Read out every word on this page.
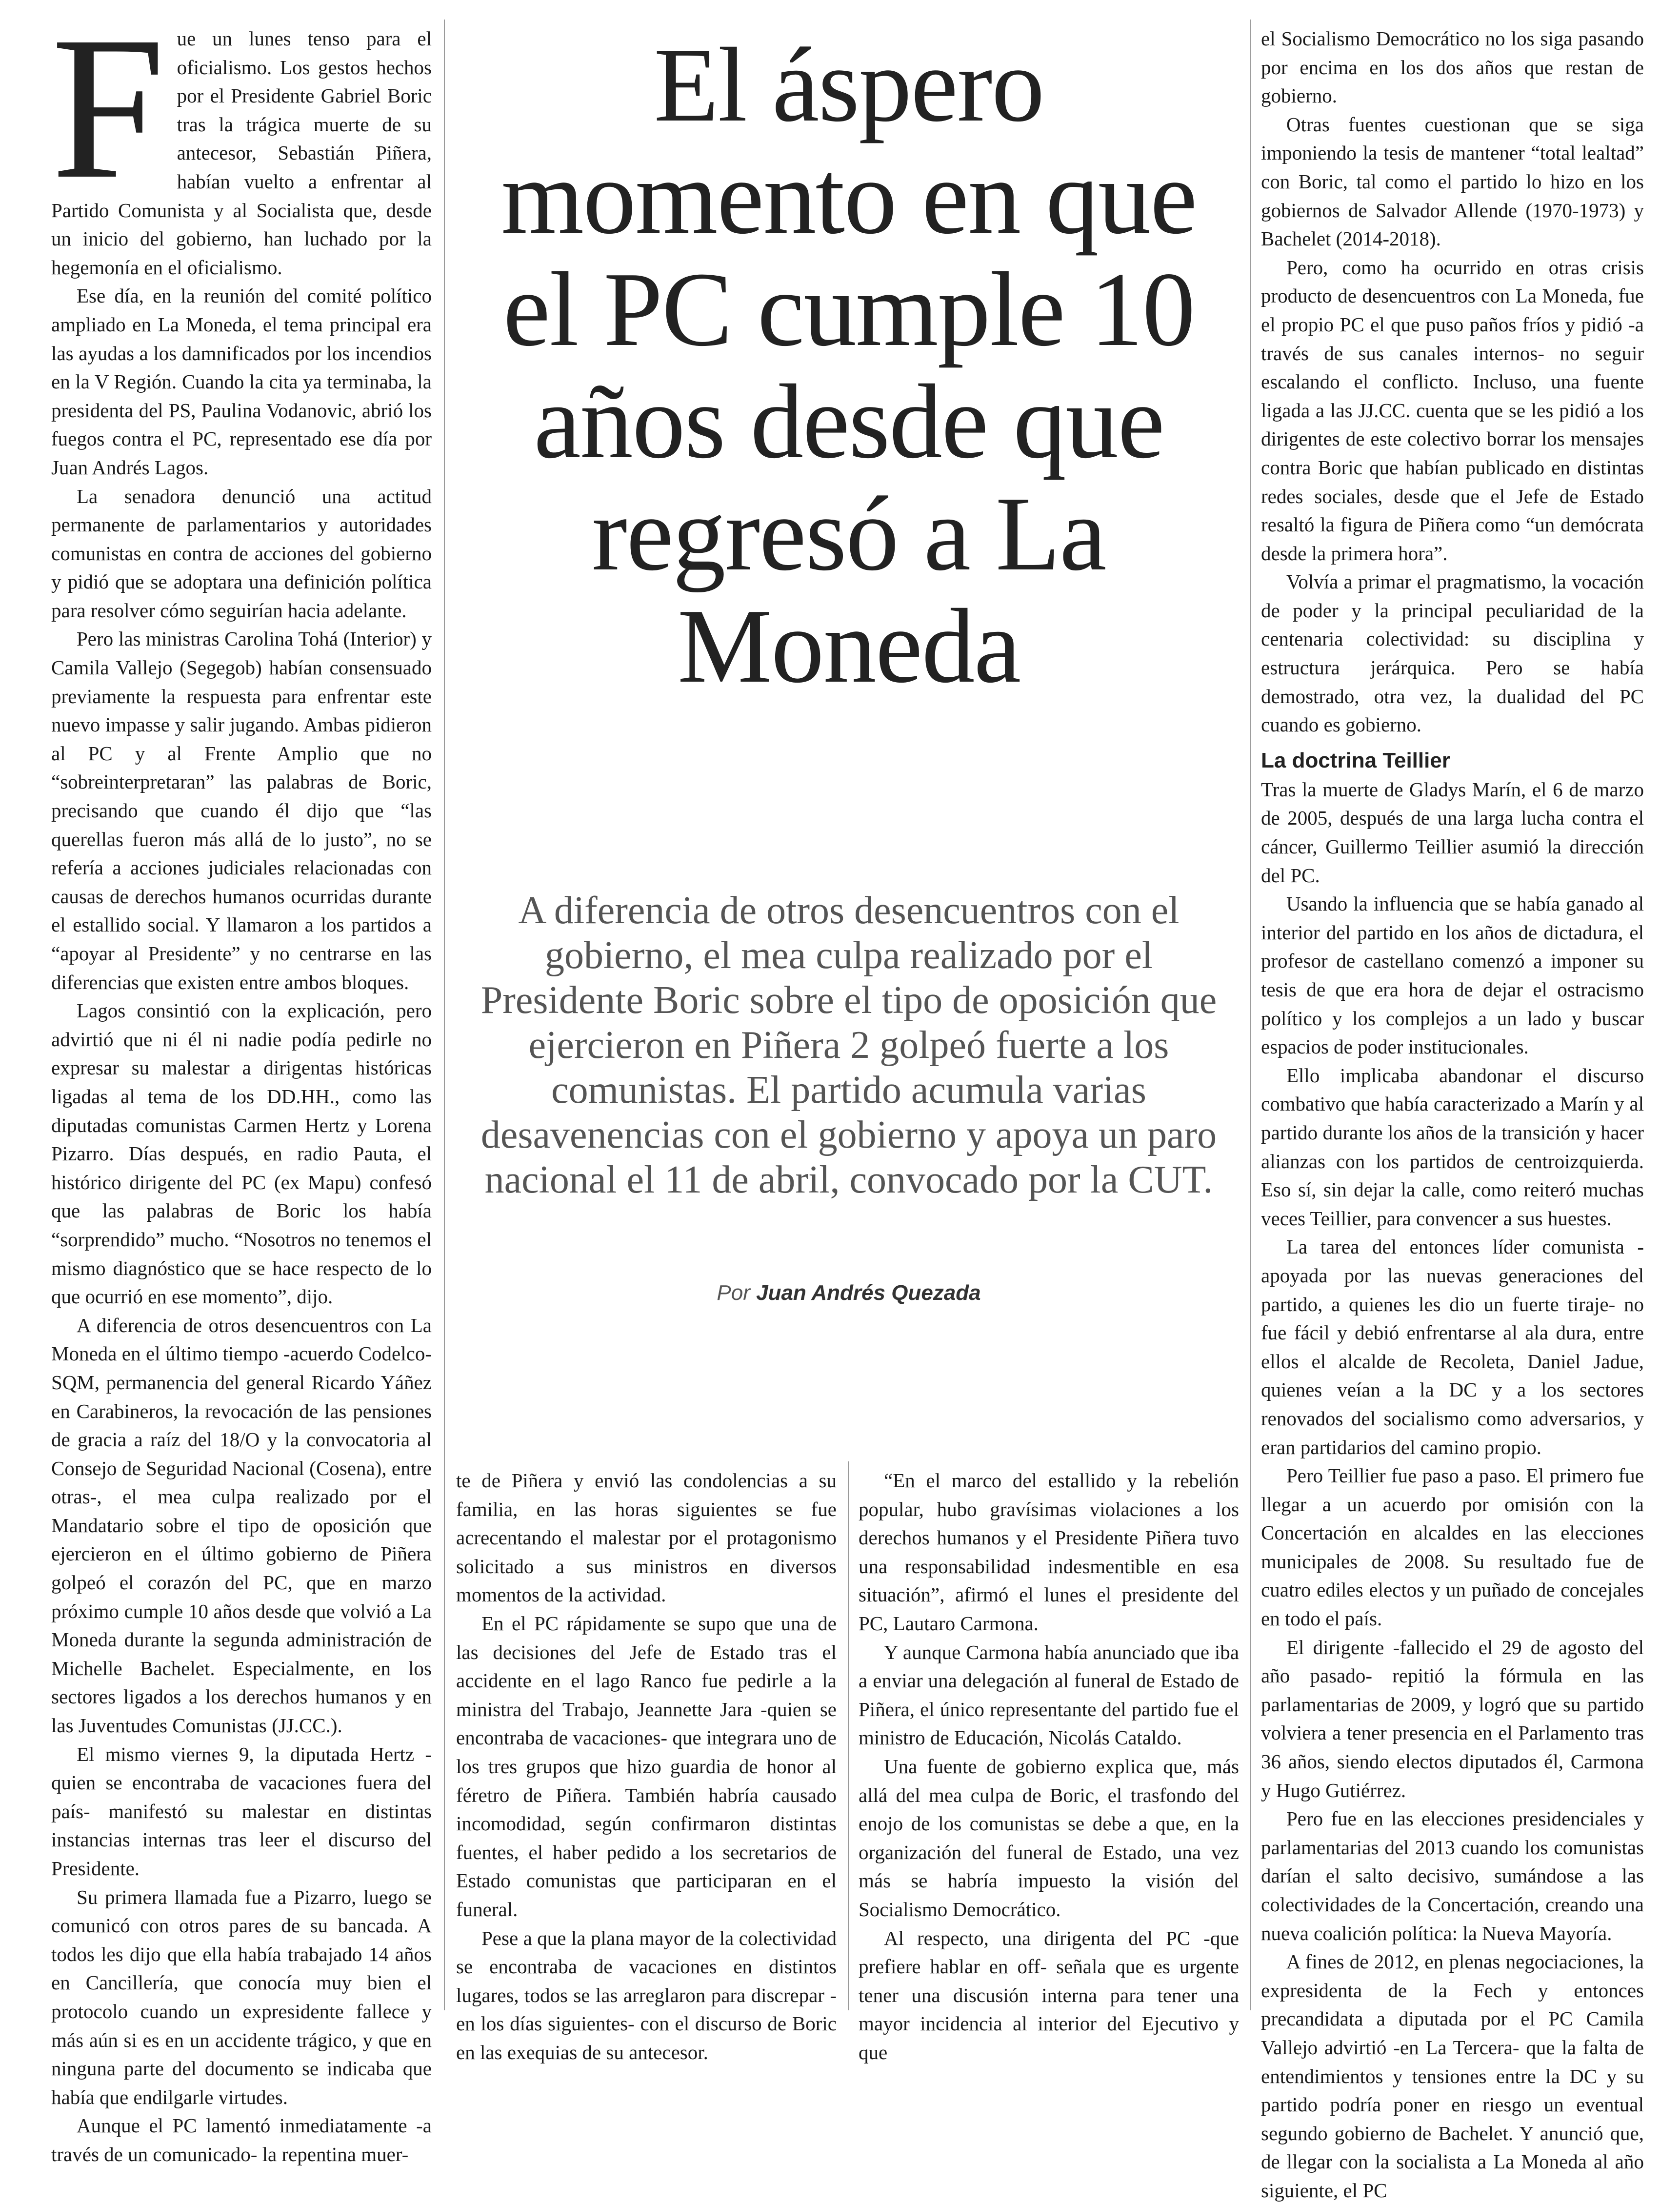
F ue un lunes tenso para el oficialismo. Los gestos hechos por el Presidente Gabriel Boric tras la trágica muerte de su antecesor, Sebastián Piñera, habían vuelto a enfrentar al Partido Comunista y al Socialista que, desde un inicio del gobierno, han luchado por la hegemonía en el oficialismo.

Ese día, en la reunión del comité político ampliado en La Moneda, el tema principal era las ayudas a los damnificados por los incendios en la V Región. Cuando la cita ya terminaba, la presidenta del PS, Paulina Vodanovic, abrió los fuegos contra el PC, representado ese día por Juan Andrés Lagos.

La senadora denunció una actitud permanente de parlamentarios y autoridades comunistas en contra de acciones del gobierno y pidió que se adoptara una definición política para resolver cómo seguirían hacia adelante.

Pero las ministras Carolina Tohá (Interior) y Camila Vallejo (Segegob) habían consensuado previamente la respuesta para enfrentar este nuevo impasse y salir jugando. Ambas pidieron al PC y al Frente Amplio que no “sobreinterpretaran” las palabras de Boric, precisando que cuando él dijo que “las querellas fueron más allá de lo justo”, no se refería a acciones judiciales relacionadas con causas de derechos humanos ocurridas durante el estallido social. Y llamaron a los partidos a “apoyar al Presidente” y no centrarse en las diferencias que existen entre ambos bloques.

Lagos consintió con la explicación, pero advirtió que ni él ni nadie podía pedirle no expresar su malestar a dirigentas históricas ligadas al tema de los DD.HH., como las diputadas comunistas Carmen Hertz y Lorena Pizarro. Días después, en radio Pauta, el histórico dirigente del PC (ex Mapu) confesó que las palabras de Boric los había “sorprendido” mucho. “Nosotros no tenemos el mismo diagnóstico que se hace respecto de lo que ocurrió en ese momento”, dijo.

A diferencia de otros desencuentros con La Moneda en el último tiempo -acuerdo Codelco-SQM, permanencia del general Ricardo Yáñez en Carabineros, la revocación de las pensiones de gracia a raíz del 18/O y la convocatoria al Consejo de Seguridad Nacional (Cosena), entre otras-, el mea culpa realizado por el Mandatario sobre el tipo de oposición que ejercieron en el último gobierno de Piñera golpeó el corazón del PC, que en marzo próximo cumple 10 años desde que volvió a La Moneda durante la segunda administración de Michelle Bachelet. Especialmente, en los sectores ligados a los derechos humanos y en las Juventudes Comunistas (JJ.CC.).

El mismo viernes 9, la diputada Hertz -quien se encontraba de vacaciones fuera del país- manifestó su malestar en distintas instancias internas tras leer el discurso del Presidente.

Su primera llamada fue a Pizarro, luego se comunicó con otros pares de su bancada. A todos les dijo que ella había trabajado 14 años en Cancillería, que conocía muy bien el protocolo cuando un expresidente fallece y más aún si es en un accidente trágico, y que en ninguna parte del documento se indicaba que había que endilgarle virtudes.

Aunque el PC lamentó inmediatamente -a través de un comunicado- la repentina muer-

El áspero momento en que el PC cumple 10 años desde que regresó a La Moneda

A diferencia de otros desencuentros con el gobierno, el mea culpa realizado por el Presidente Boric sobre el tipo de oposición que ejercieron en Piñera 2 golpeó fuerte a los comunistas. El partido acumula varias desavenencias con el gobierno y apoya un paro nacional el 11 de abril, convocado por la CUT.

Por Juan Andrés Quezada

te de Piñera y envió las condolencias a su familia, en las horas siguientes se fue acrecentando el malestar por el protagonismo solicitado a sus ministros en diversos momentos de la actividad.

En el PC rápidamente se supo que una de las decisiones del Jefe de Estado tras el accidente en el lago Ranco fue pedirle a la ministra del Trabajo, Jeannette Jara -quien se encontraba de vacaciones- que integrara uno de los tres grupos que hizo guardia de honor al féretro de Piñera. También habría causado incomodidad, según confirmaron distintas fuentes, el haber pedido a los secretarios de Estado comunistas que participaran en el funeral.

Pese a que la plana mayor de la colectividad se encontraba de vacaciones en distintos lugares, todos se las arreglaron para discrepar -en los días siguientes- con el discurso de Boric en las exequias de su antecesor.

“En el marco del estallido y la rebelión popular, hubo gravísimas violaciones a los derechos humanos y el Presidente Piñera tuvo una responsabilidad indesmentible en esa situación”, afirmó el lunes el presidente del PC, Lautaro Carmona.

Y aunque Carmona había anunciado que iba a enviar una delegación al funeral de Estado de Piñera, el único representante del partido fue el ministro de Educación, Nicolás Cataldo.

Una fuente de gobierno explica que, más allá del mea culpa de Boric, el trasfondo del enojo de los comunistas se debe a que, en la organización del funeral de Estado, una vez más se habría impuesto la visión del Socialismo Democrático.

Al respecto, una dirigenta del PC -que prefiere hablar en off- señala que es urgente tener una discusión interna para tener una mayor incidencia al interior del Ejecutivo y que

el Socialismo Democrático no los siga pasando por encima en los dos años que restan de gobierno.

Otras fuentes cuestionan que se siga imponiendo la tesis de mantener “total lealtad” con Boric, tal como el partido lo hizo en los gobiernos de Salvador Allende (1970-1973) y Bachelet (2014-2018).

Pero, como ha ocurrido en otras crisis producto de desencuentros con La Moneda, fue el propio PC el que puso paños fríos y pidió -a través de sus canales internos- no seguir escalando el conflicto. Incluso, una fuente ligada a las JJ.CC. cuenta que se les pidió a los dirigentes de este colectivo borrar los mensajes contra Boric que habían publicado en distintas redes sociales, desde que el Jefe de Estado resaltó la figura de Piñera como “un demócrata desde la primera hora”.

Volvía a primar el pragmatismo, la vocación de poder y la principal peculiaridad de la centenaria colectividad: su disciplina y estructura jerárquica. Pero se había demostrado, otra vez, la dualidad del PC cuando es gobierno.

La doctrina Teillier

Tras la muerte de Gladys Marín, el 6 de marzo de 2005, después de una larga lucha contra el cáncer, Guillermo Teillier asumió la dirección del PC.

Usando la influencia que se había ganado al interior del partido en los años de dictadura, el profesor de castellano comenzó a imponer su tesis de que era hora de dejar el ostracismo político y los complejos a un lado y buscar espacios de poder institucionales.

Ello implicaba abandonar el discurso combativo que había caracterizado a Marín y al partido durante los años de la transición y hacer alianzas con los partidos de centroizquierda. Eso sí, sin dejar la calle, como reiteró muchas veces Teillier, para convencer a sus huestes.

La tarea del entonces líder comunista -apoyada por las nuevas generaciones del partido, a quienes les dio un fuerte tiraje- no fue fácil y debió enfrentarse al ala dura, entre ellos el alcalde de Recoleta, Daniel Jadue, quienes veían a la DC y a los sectores renovados del socialismo como adversarios, y eran partidarios del camino propio.

Pero Teillier fue paso a paso. El primero fue llegar a un acuerdo por omisión con la Concertación en alcaldes en las elecciones municipales de 2008. Su resultado fue de cuatro ediles electos y un puñado de concejales en todo el país.

El dirigente -fallecido el 29 de agosto del año pasado- repitió la fórmula en las parlamentarias de 2009, y logró que su partido volviera a tener presencia en el Parlamento tras 36 años, siendo electos diputados él, Carmona y Hugo Gutiérrez.

Pero fue en las elecciones presidenciales y parlamentarias del 2013 cuando los comunistas darían el salto decisivo, sumándose a las colectividades de la Concertación, creando una nueva coalición política: la Nueva Mayoría.

A fines de 2012, en plenas negociaciones, la expresidenta de la Fech y entonces precandidata a diputada por el PC Camila Vallejo advirtió -en La Tercera- que la falta de entendimientos y tensiones entre la DC y su partido podría poner en riesgo un eventual segundo gobierno de Bachelet. Y anunció que, de llegar con la socialista a La Moneda al año siguiente, el PC
